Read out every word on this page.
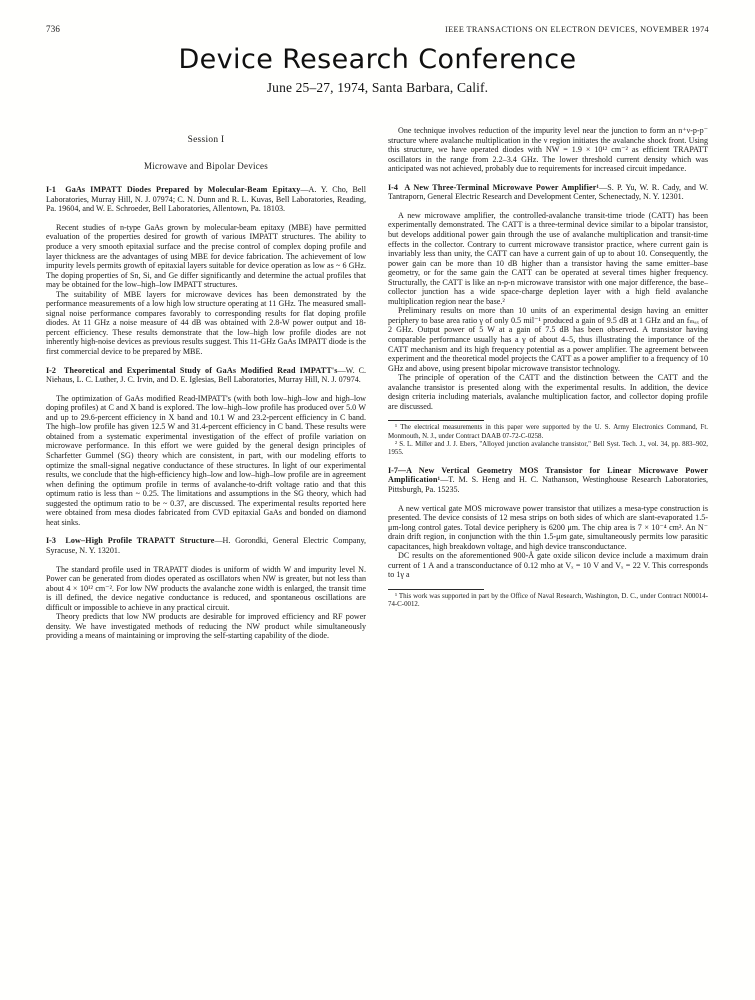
736	IEEE TRANSACTIONS ON ELECTRON DEVICES, NOVEMBER 1974
Device Research Conference
June 25–27, 1974, Santa Barbara, Calif.
Session I
Microwave and Bipolar Devices
I-1 GaAs IMPATT Diodes Prepared by Molecular-Beam Epitaxy—A. Y. Cho, Bell Laboratories, Murray Hill, N. J. 07974; C. N. Dunn and R. L. Kuvas, Bell Laboratories, Reading, Pa. 19604, and W. E. Schroeder, Bell Laboratories, Allentown, Pa. 18103.

Recent studies of n-type GaAs grown by molecular-beam epitaxy (MBE) have permitted evaluation of the properties desired for growth of various IMPATT structures. The ability to produce a very smooth epitaxial surface and the precise control of complex doping profile and layer thickness are the advantages of using MBE for device fabrication. The achievement of low impurity levels permits growth of epitaxial layers suitable for device operation as low as ~ 6 GHz. The doping properties of Sn, Si, and Ge differ significantly and determine the actual profiles that may be obtained for the low–high–low IMPATT structures.

The suitability of MBE layers for microwave devices has been demonstrated by the performance measurements of a low high low structure operating at 11 GHz. The measured small-signal noise performance compares favorably to corresponding results for flat doping profile diodes. At 11 GHz a noise measure of 44 dB was obtained with 2.8-W power output and 18-percent efficiency. These results demonstrate that the low–high low profile diodes are not inherently high-noise devices as previous results suggest. This 11-GHz GaAs IMPATT diode is the first commercial device to be prepared by MBE.

I-2 Theoretical and Experimental Study of GaAs Modified Read IMPATT's—W. C. Niehaus, L. C. Luther, J. C. Irvin, and D. E. Iglesias, Bell Laboratories, Murray Hill, N. J. 07974.

The optimization of GaAs modified Read-IMPATT's (with both low–high–low and high–low doping profiles) at C and X band is explored. The low–high–low profile has produced over 5.0 W and up to 29.6-percent efficiency in X band and 10.1 W and 23.2-percent efficiency in C band. The high–low profile has given 12.5 W and 31.4-percent efficiency in C band. These results were obtained from a systematic experimental investigation of the effect of profile variation on microwave performance. In this effort we were guided by the general design principles of Scharfetter Gummel (SG) theory which are consistent, in part, with our modeling efforts to optimize the small-signal negative conductance of these structures. In light of our experimental results, we conclude that the high-efficiency high–low and low–high–low profile are in agreement when defining the optimum profile in terms of avalanche-to-drift voltage ratio and that this optimum ratio is less than ~ 0.25. The limitations and assumptions in the SG theory, which had suggested the optimum ratio to be ~ 0.37, are discussed. The experimental results reported here were obtained from mesa diodes fabricated from CVD epitaxial GaAs and bonded on diamond heat sinks.

I-3 Low–High Profile TRAPATT Structure—H. Gorondki, General Electric Company, Syracuse, N. Y. 13201.

The standard profile used in TRAPATT diodes is uniform of width W and impurity level N. Power can be generated from diodes operated as oscillators when NW is greater, but not less than about 4 × 10¹² cm⁻². For low NW products the avalanche zone width is enlarged, the transit time is ill defined, the device negative conductance is reduced, and spontaneous oscillations are difficult or impossible to achieve in any practical circuit.

Theory predicts that low NW products are desirable for improved efficiency and RF power density. We have investigated methods of reducing the NW product while simultaneously providing a means of maintaining or improving the self-starting capability of the diode.

One technique involves reduction of the impurity level near the junction to form an n⁺ν-p-p⁻ structure where avalanche multiplication in the ν region initiates the avalanche shock front. Using this structure, we have operated diodes with NW = 1.9 × 10¹² cm⁻² as efficient TRAPATT oscillators in the range from 2.2–3.4 GHz. The lower threshold current density which was anticipated was not achieved, probably due to requirements for increased circuit impedance.

I-4 A New Three-Terminal Microwave Power Amplifier¹—S. P. Yu, W. R. Cady, and W. Tantraporn, General Electric Research and Development Center, Schenectady, N. Y. 12301.

A new microwave amplifier, the controlled-avalanche transit-time triode (CATT) has been experimentally demonstrated. The CATT is a three-terminal device similar to a bipolar transistor, but develops additional power gain through the use of avalanche multiplication and transit-time effects in the collector. Contrary to current microwave transistor practice, where current gain is invariably less than unity, the CATT can have a current gain of up to about 10. Consequently, the power gain can be more than 10 dB higher than a transistor having the same emitter–base geometry, or for the same gain the CATT can be operated at several times higher frequency. Structurally, the CATT is like an n-p-n microwave transistor with one major difference, the base–collector junction has a wide space-charge depletion layer with a high field avalanche multiplication region near the base.²

Preliminary results on more than 10 units of an experimental design having an emitter periphery to base area ratio γ of only 0.5 mil⁻¹ produced a gain of 9.5 dB at 1 GHz and an fₘₐₓ of 2 GHz. Output power of 5 W at a gain of 7.5 dB has been observed. A transistor having comparable performance usually has a γ of about 4–5, thus illustrating the importance of the CATT mechanism and its high frequency potential as a power amplifier. The agreement between experiment and the theoretical model projects the CATT as a power amplifier to a frequency of 10 GHz and above, using present bipolar microwave transistor technology.

The principle of operation of the CATT and the distinction between the CATT and the avalanche transistor is presented along with the experimental results. In addition, the device design criteria including materials, avalanche multiplication factor, and collector doping profile are discussed.

¹ The electrical measurements in this paper were supported by the U. S. Army Electronics Command, Ft. Monmouth, N. J., under Contract DAAB 07-72-C-0258.

² S. L. Miller and J. J. Ebers, "Alloyed junction avalanche transistor," Bell Syst. Tech. J., vol. 34, pp. 883–902, 1955.

I-7—A New Vertical Geometry MOS Transistor for Linear Microwave Power Amplification¹—T. M. S. Heng and H. C. Nathanson, Westinghouse Research Laboratories, Pittsburgh, Pa. 15235.

A new vertical gate MOS microwave power transistor that utilizes a mesa-type construction is presented. The device consists of 12 mesa strips on both sides of which are slant-evaporated 1.5-μm-long control gates. Total device periphery is 6200 μm. The chip area is 7 × 10⁻⁴ cm². An N⁻ drain drift region, in conjunction with the thin 1.5-μm gate, simultaneously permits low parasitic capacitances, high breakdown voltage, and high device transconductance.

DC results on the aforementioned 900-Å gate oxide silicon device include a maximum drain current of 1 A and a transconductance of 0.12 mho at Vₓ = 10 V and Vₓ = 22 V. This corresponds to 1γ a

¹ This work was supported in part by the Office of Naval Research, Washington, D. C., under Contract N00014-74-C-0012.
